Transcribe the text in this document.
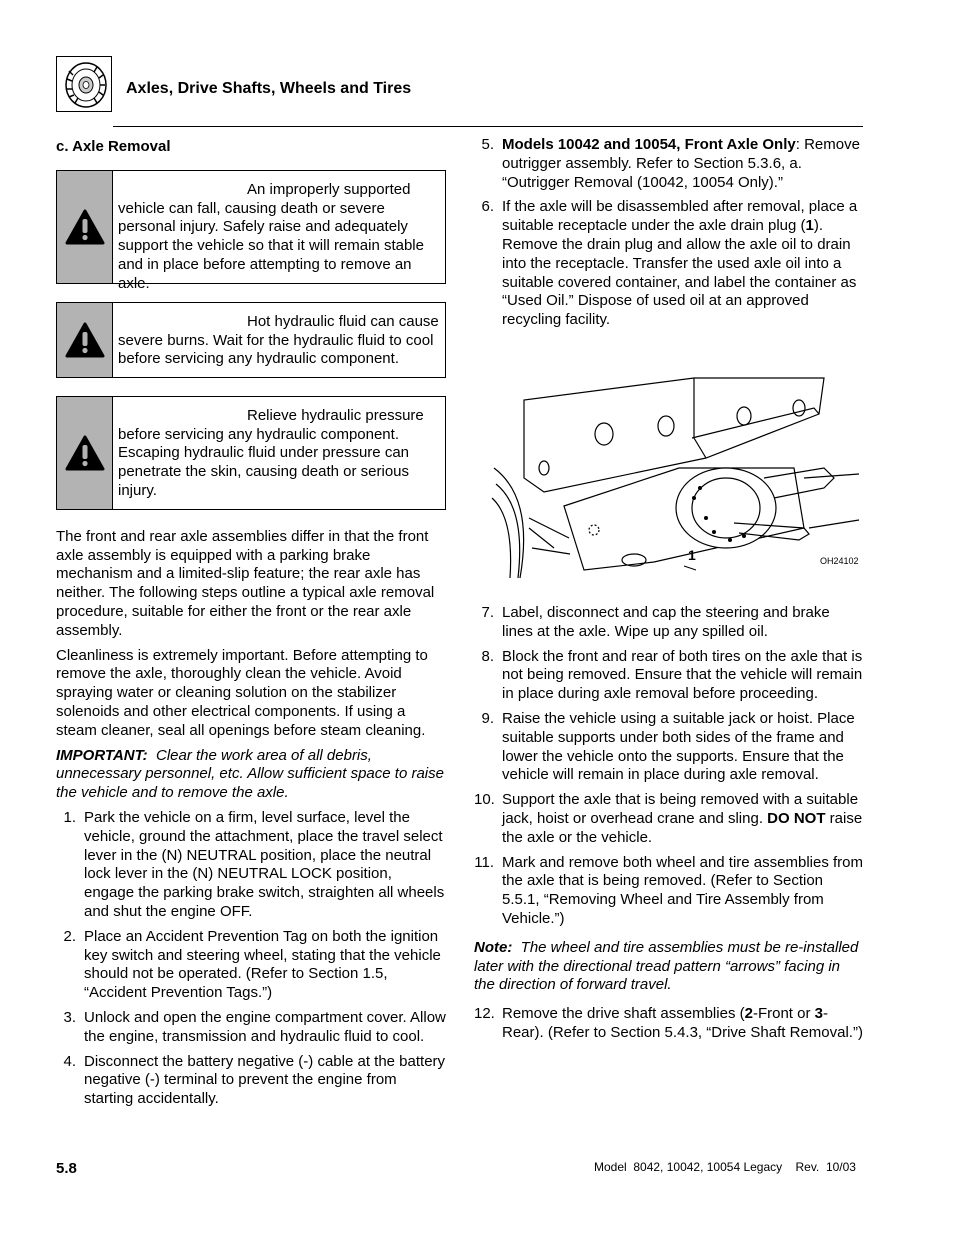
Axles, Drive Shafts, Wheels and Tires
c. Axle Removal
An improperly supported vehicle can fall, causing death or severe personal injury. Safely raise and adequately support the vehicle so that it will remain stable and in place before attempting to remove an axle.
Hot hydraulic fluid can cause severe burns. Wait for the hydraulic fluid to cool before servicing any hydraulic component.
Relieve hydraulic pressure before servicing any hydraulic component. Escaping hydraulic fluid under pressure can penetrate the skin, causing death or serious injury.

The front and rear axle assemblies differ in that the front axle assembly is equipped with a parking brake mechanism and a limited-slip feature; the rear axle has neither. The following steps outline a typical axle removal procedure, suitable for either the front or the rear axle assembly.

Cleanliness is extremely important. Before attempting to remove the axle, thoroughly clean the vehicle. Avoid spraying water or cleaning solution on the stabilizer solenoids and other electrical components. If using a steam cleaner, seal all openings before steam cleaning.

IMPORTANT: Clear the work area of all debris, unnecessary personnel, etc. Allow sufficient space to raise the vehicle and to remove the axle.

1. Park the vehicle on a firm, level surface, level the vehicle, ground the attachment, place the travel select lever in the (N) NEUTRAL position, place the neutral lock lever in the (N) NEUTRAL LOCK position, engage the parking brake switch, straighten all wheels and shut the engine OFF.
2. Place an Accident Prevention Tag on both the ignition key switch and steering wheel, stating that the vehicle should not be operated. (Refer to Section 1.5, “Accident Prevention Tags.”)
3. Unlock and open the engine compartment cover. Allow the engine, transmission and hydraulic fluid to cool.
4. Disconnect the battery negative (-) cable at the battery negative (-) terminal to prevent the engine from starting accidentally.
5. Models 10042 and 10054, Front Axle Only: Remove outrigger assembly. Refer to Section 5.3.6, a. “Outrigger Removal (10042, 10054 Only).”
6. If the axle will be disassembled after removal, place a suitable receptacle under the axle drain plug (1). Remove the drain plug and allow the axle oil to drain into the receptacle. Transfer the used axle oil into a suitable covered container, and label the container as “Used Oil.” Dispose of used oil at an approved recycling facility.
1	OH24102
7. Label, disconnect and cap the steering and brake lines at the axle. Wipe up any spilled oil.
8. Block the front and rear of both tires on the axle that is not being removed. Ensure that the vehicle will remain in place during axle removal before proceeding.
9. Raise the vehicle using a suitable jack or hoist. Place suitable supports under both sides of the frame and lower the vehicle onto the supports. Ensure that the vehicle will remain in place during axle removal.
10. Support the axle that is being removed with a suitable jack, hoist or overhead crane and sling. DO NOT raise the axle or the vehicle.
11. Mark and remove both wheel and tire assemblies from the axle that is being removed. (Refer to Section 5.5.1, “Removing Wheel and Tire Assembly from Vehicle.”)

Note: The wheel and tire assemblies must be re-installed later with the directional tread pattern “arrows” facing in the direction of forward travel.

12. Remove the drive shaft assemblies (2-Front or 3-Rear). (Refer to Section 5.4.3, “Drive Shaft Removal.”)
5.8	Model  8042, 10042, 10054 Legacy    Rev.  10/03
